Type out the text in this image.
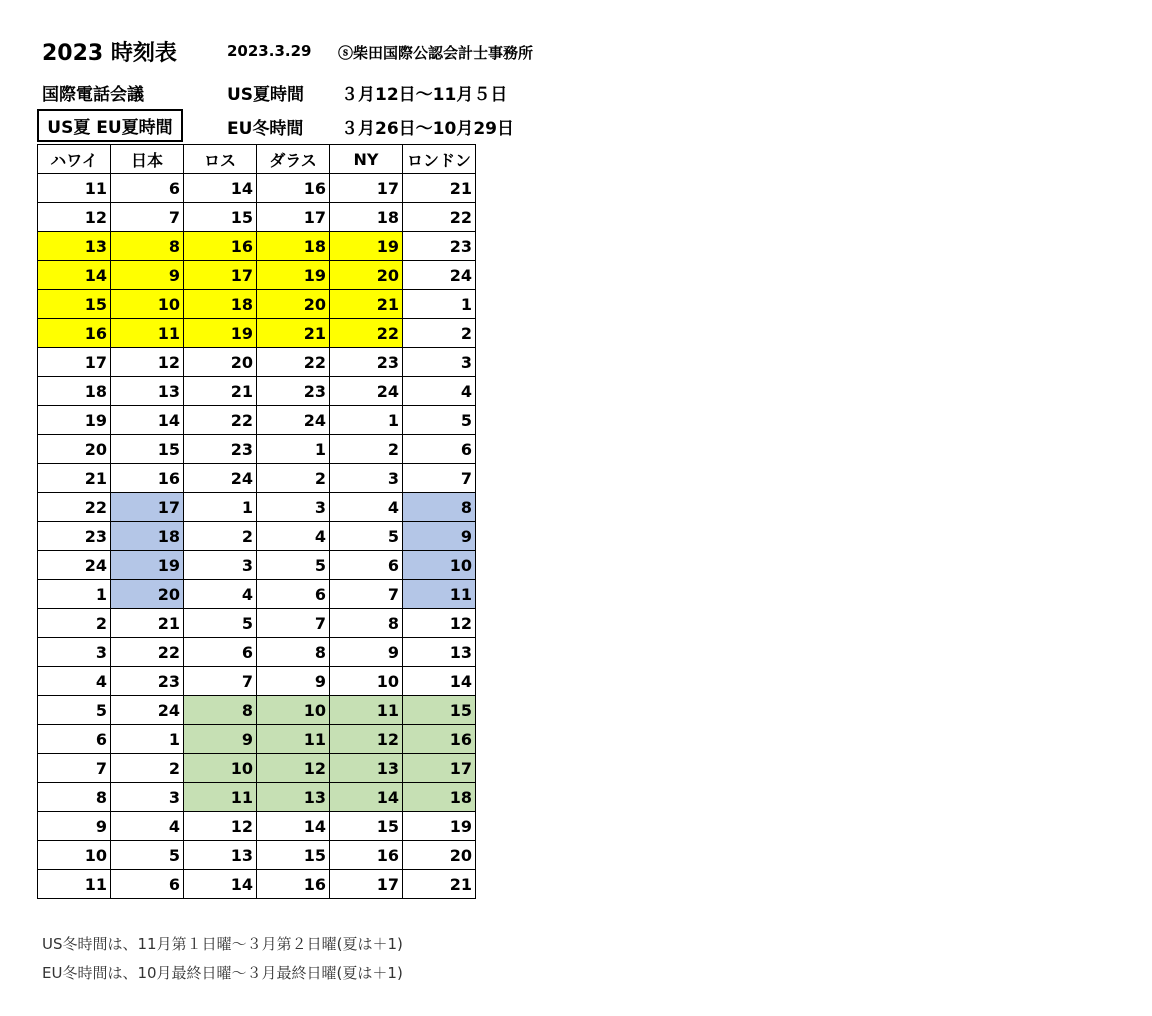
2023 時刻表	2023.3.29 ⓢ柴田国際公認会計士事務所
国際電話会議	US夏時間 ３月12日～11月５日
US夏 EU夏時間	EU冬時間 ３月26日～10月29日
ハワイ	日本	ロス	ダラス	NY	ロンドン
11	6	14	16	17	21
12	7	15	17	18	22
13	8	16	18	19	23
14	9	17	19	20	24
15	10	18	20	21	1
16	11	19	21	22	2
17	12	20	22	23	3
18	13	21	23	24	4
19	14	22	24	1	5
20	15	23	1	2	6
21	16	24	2	3	7
22	17	1	3	4	8
23	18	2	4	5	9
24	19	3	5	6	10
1	20	4	6	7	11
2	21	5	7	8	12
3	22	6	8	9	13
4	23	7	9	10	14
5	24	8	10	11	15
6	1	9	11	12	16
7	2	10	12	13	17
8	3	11	13	14	18
9	4	12	14	15	19
10	5	13	15	16	20
11	6	14	16	17	21
US冬時間は、11月第１日曜～３月第２日曜(夏は＋1)
EU冬時間は、10月最終日曜～３月最終日曜(夏は＋1)
